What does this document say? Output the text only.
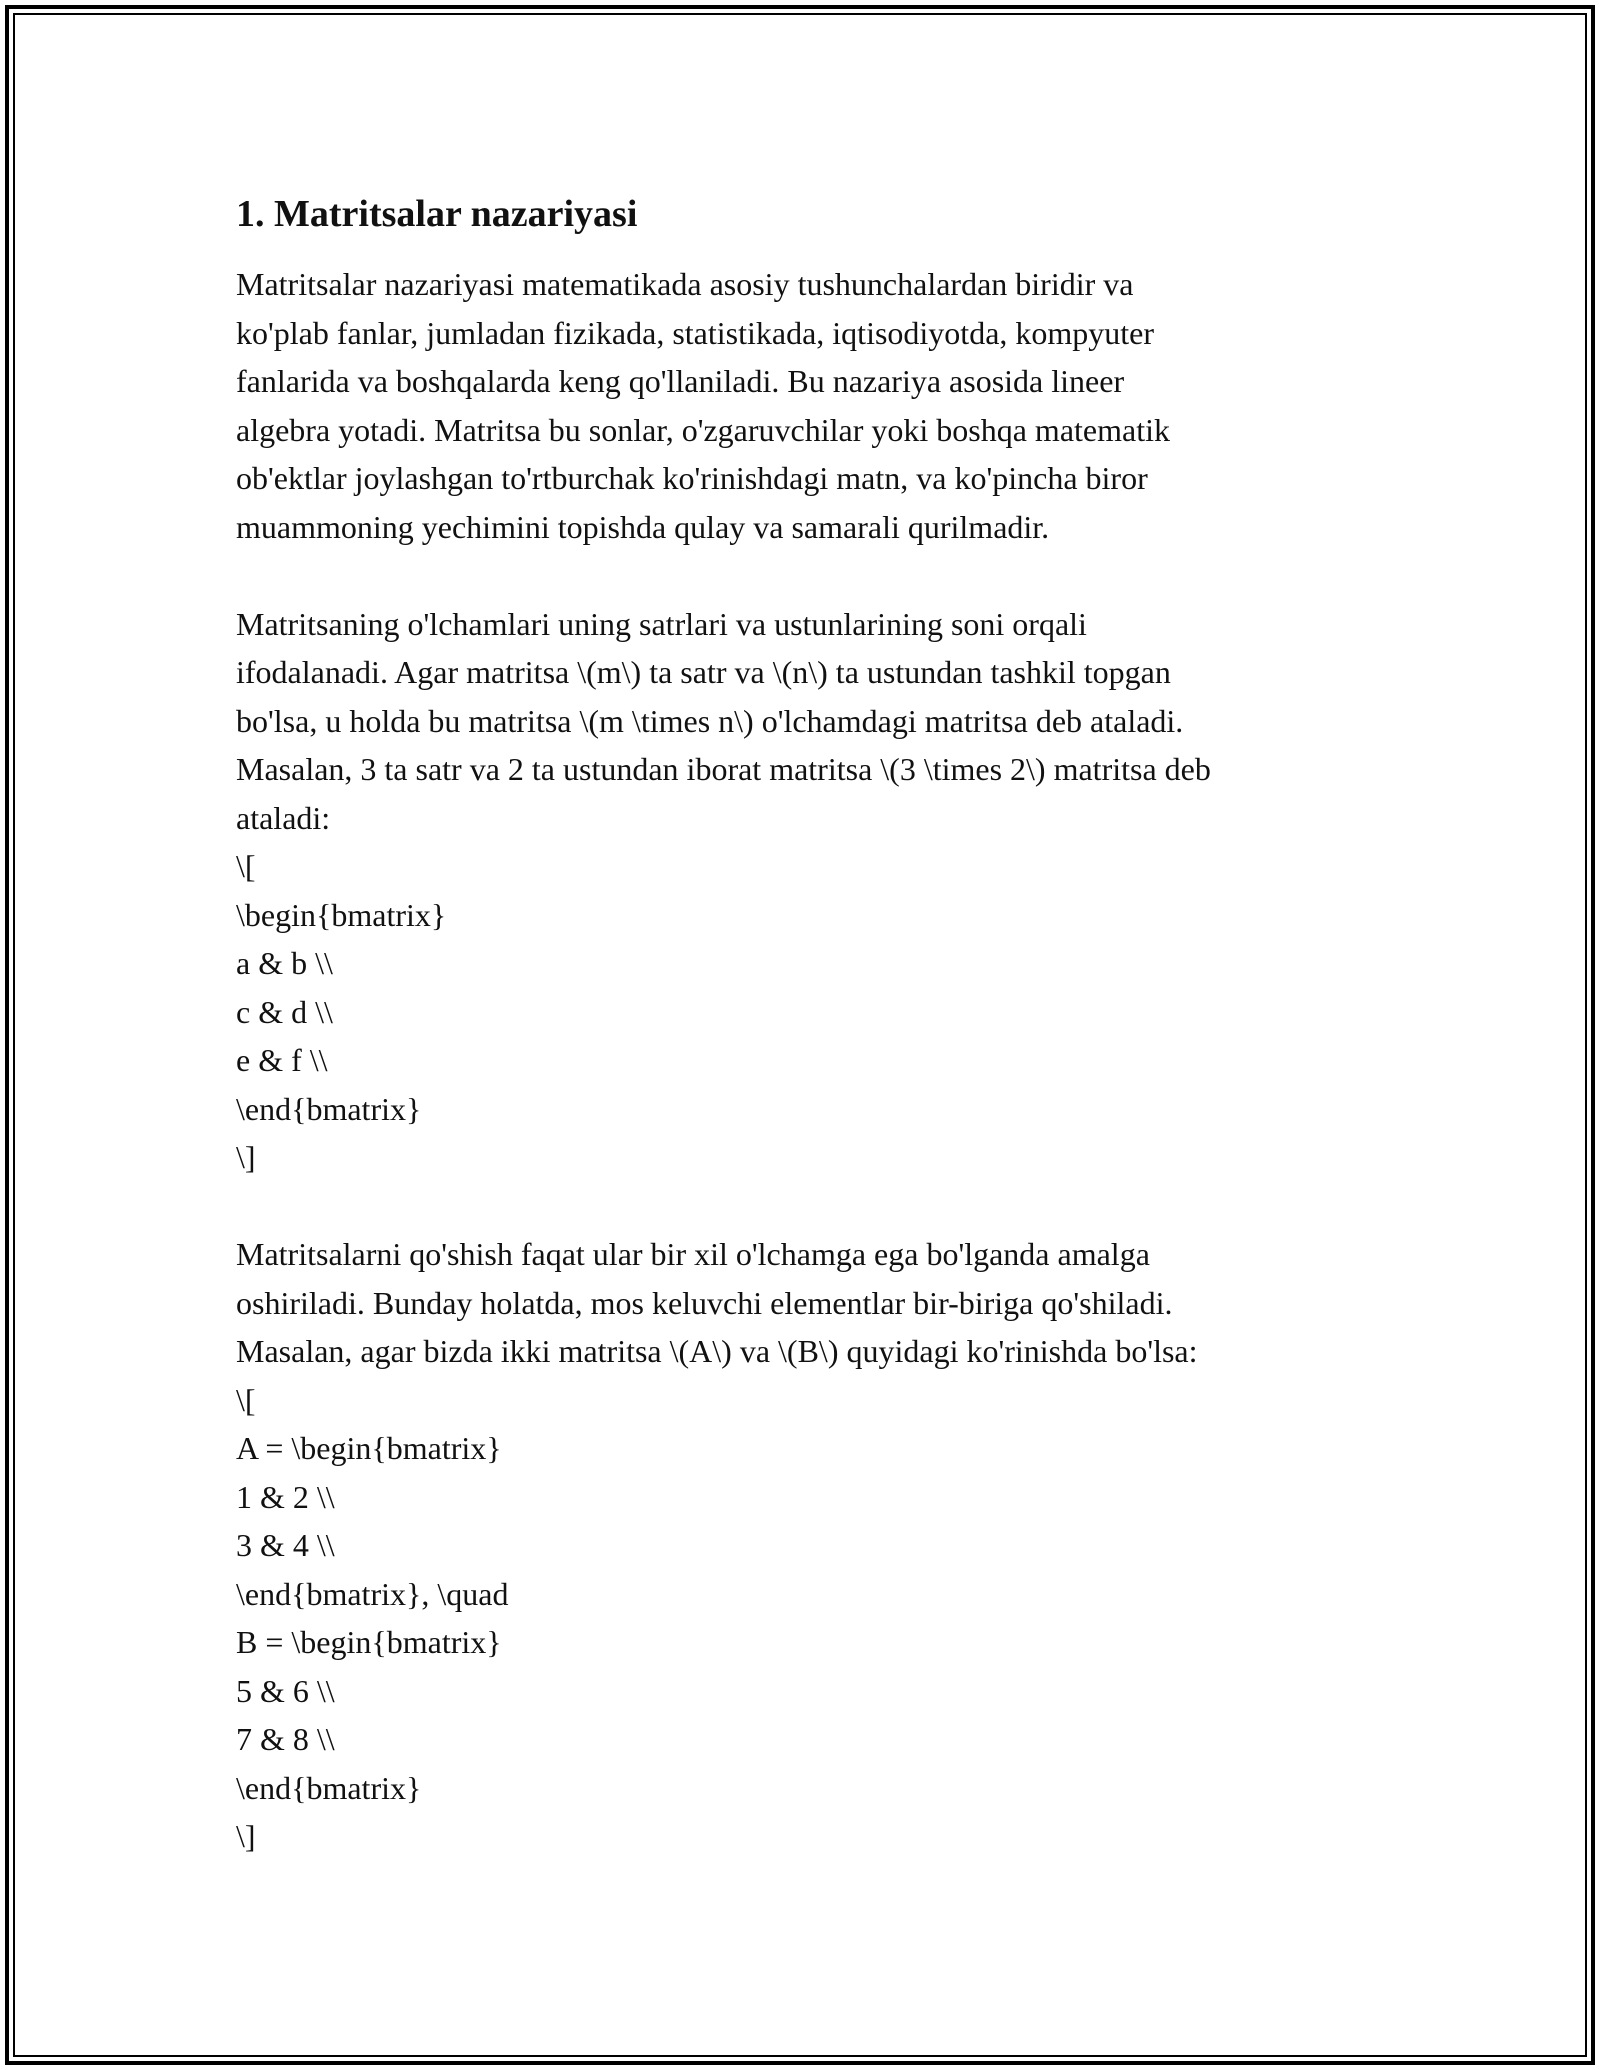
1. Matritsalar nazariyasi
Matritsalar nazariyasi matematikada asosiy tushunchalardan biridir va
ko'plab fanlar, jumladan fizikada, statistikada, iqtisodiyotda, kompyuter
fanlarida va boshqalarda keng qo'llaniladi. Bu nazariya asosida lineer
algebra yotadi. Matritsa bu sonlar, o'zgaruvchilar yoki boshqa matematik
ob'ektlar joylashgan to'rtburchak ko'rinishdagi matn, va ko'pincha biror
muammoning yechimini topishda qulay va samarali qurilmadir.
Matritsaning o'lchamlari uning satrlari va ustunlarining soni orqali
ifodalanadi. Agar matritsa \(m\) ta satr va \(n\) ta ustundan tashkil topgan
bo'lsa, u holda bu matritsa \(m \times n\) o'lchamdagi matritsa deb ataladi.
Masalan, 3 ta satr va 2 ta ustundan iborat matritsa \(3 \times 2\) matritsa deb
ataladi:
\[
\begin{bmatrix}
a & b \\
c & d \\
e & f \\
\end{bmatrix}
\]
Matritsalarni qo'shish faqat ular bir xil o'lchamga ega bo'lganda amalga
oshiriladi. Bunday holatda, mos keluvchi elementlar bir-biriga qo'shiladi.
Masalan, agar bizda ikki matritsa \(A\) va \(B\) quyidagi ko'rinishda bo'lsa:
\[
A = \begin{bmatrix}
1 & 2 \\
3 & 4 \\
\end{bmatrix}, \quad
B = \begin{bmatrix}
5 & 6 \\
7 & 8 \\
\end{bmatrix}
\]
